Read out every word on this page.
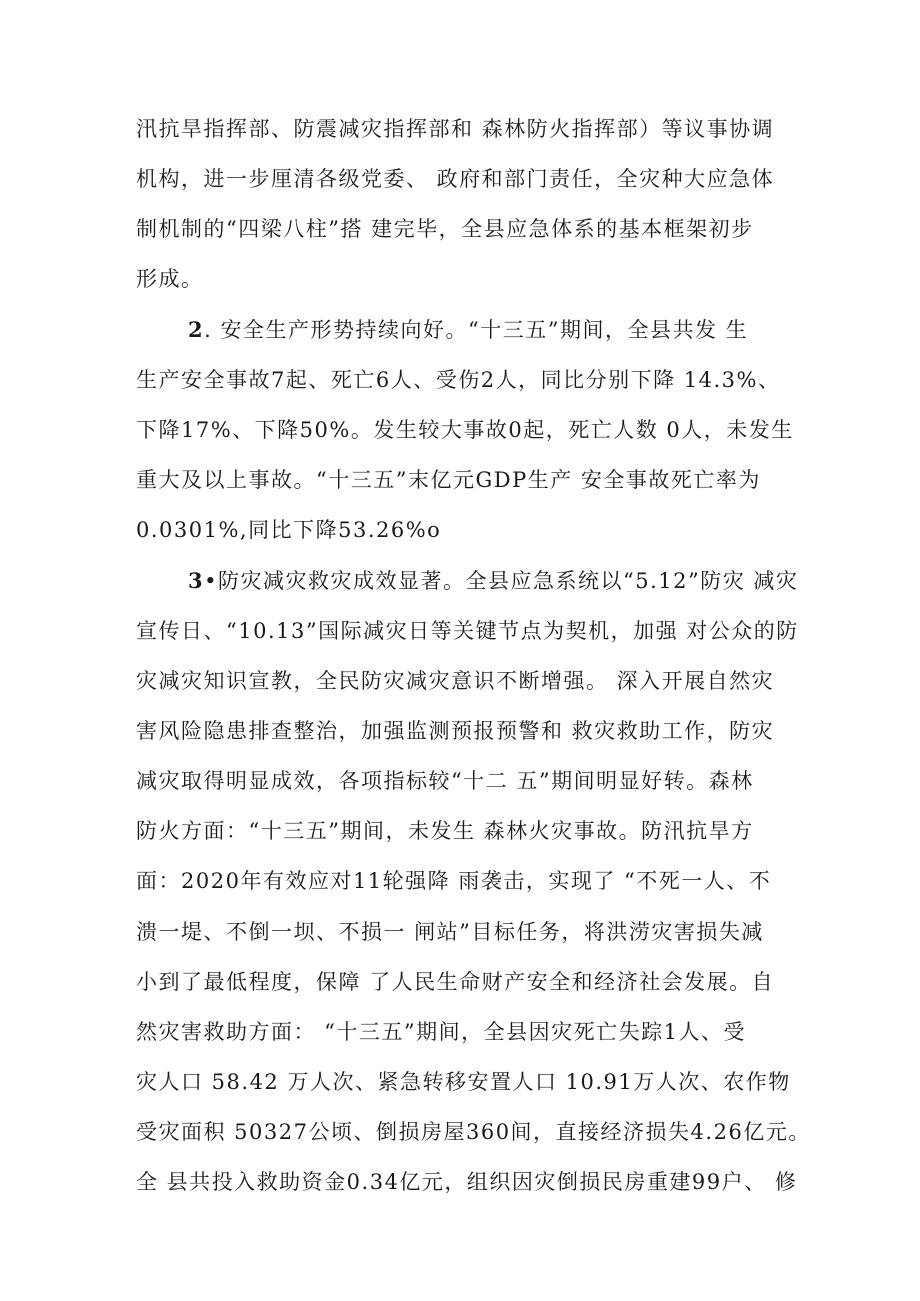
汛抗旱指挥部、防震减灾指挥部和 森林防火指挥部）等议事协调
机构，进一步厘清各级党委、 政府和部门责任，全灾种大应急体
制机制的“四梁八柱”搭 建完毕，全县应急体系的基本框架初步
形成。
2. 安全生产形势持续向好。“十三五”期间，全县共发 生
生产安全事故7起、死亡6人、受伤2人，同比分别下降 14.3%、
下降17%、下降50%。发生较大事故0起，死亡人数 0人，未发生
重大及以上事故。“十三五”末亿元GDP生产 安全事故死亡率为
0.0301%,同比下降53.26%o
3•防灾减灾救灾成效显著。全县应急系统以“5.12”防灾 减灾
宣传日、“10.13”国际减灾日等关键节点为契机，加强 对公众的防
灾减灾知识宣教，全民防灾减灾意识不断增强。 深入开展自然灾
害风险隐患排查整治，加强监测预报预警和 救灾救助工作，防灾
减灾取得明显成效，各项指标较“十二 五”期间明显好转。森林
防火方面：“十三五”期间，未发生 森林火灾事故。防汛抗旱方
面：2020年有效应对11轮强降 雨袭击，实现了 “不死一人、不
溃一堤、不倒一坝、不损一 闸站”目标任务，将洪涝灾害损失减
小到了最低程度，保障 了人民生命财产安全和经济社会发展。自
然灾害救助方面： “十三五”期间，全县因灾死亡失踪1人、受
灾人口 58.42 万人次、紧急转移安置人口 10.91万人次、农作物
受灾面积 50327公顷、倒损房屋360间，直接经济损失4.26亿元。
全 县共投入救助资金0.34亿元，组织因灾倒损民房重建99户、 修
